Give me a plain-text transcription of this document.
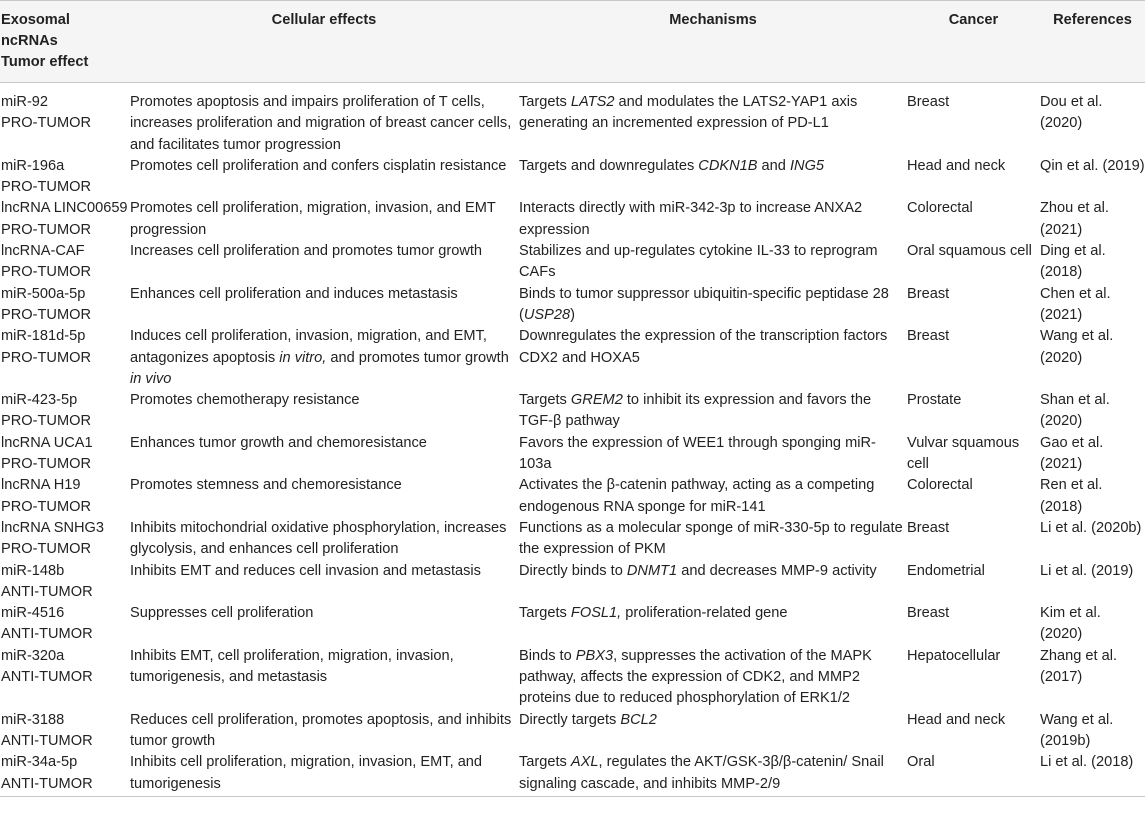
Exosomal
ncRNAs
Tumor effect	Cellular effects	Mechanisms	Cancer	References

miR-92
PRO-TUMOR	Promotes apoptosis and impairs proliferation of T cells, increases proliferation and migration of breast cancer cells, and facilitates tumor progression	Targets LATS2 and modulates the LATS2-YAP1 axis generating an incremented expression of PD-L1	Breast	Dou et al. (2020)

miR-196a
PRO-TUMOR	Promotes cell proliferation and confers cisplatin resistance	Targets and downregulates CDKN1B and ING5	Head and neck	Qin et al. (2019)

lncRNA LINC00659
PRO-TUMOR	Promotes cell proliferation, migration, invasion, and EMT progression	Interacts directly with miR-342-3p to increase ANXA2 expression	Colorectal	Zhou et al. (2021)

lncRNA-CAF
PRO-TUMOR	Increases cell proliferation and promotes tumor growth	Stabilizes and up-regulates cytokine IL-33 to reprogram CAFs	Oral squamous cell	Ding et al. (2018)

miR-500a-5p
PRO-TUMOR	Enhances cell proliferation and induces metastasis	Binds to tumor suppressor ubiquitin-specific peptidase 28 (USP28)	Breast	Chen et al. (2021)

miR-181d-5p
PRO-TUMOR	Induces cell proliferation, invasion, migration, and EMT, antagonizes apoptosis in vitro, and promotes tumor growth in vivo	Downregulates the expression of the transcription factors CDX2 and HOXA5	Breast	Wang et al. (2020)

miR-423-5p
PRO-TUMOR	Promotes chemotherapy resistance	Targets GREM2 to inhibit its expression and favors the TGF-β pathway	Prostate	Shan et al. (2020)

lncRNA UCA1
PRO-TUMOR	Enhances tumor growth and chemoresistance	Favors the expression of WEE1 through sponging miR-103a	Vulvar squamous cell	Gao et al. (2021)

lncRNA H19
PRO-TUMOR	Promotes stemness and chemoresistance	Activates the β-catenin pathway, acting as a competing endogenous RNA sponge for miR-141	Colorectal	Ren et al. (2018)

lncRNA SNHG3
PRO-TUMOR	Inhibits mitochondrial oxidative phosphorylation, increases glycolysis, and enhances cell proliferation	Functions as a molecular sponge of miR-330-5p to regulate the expression of PKM	Breast	Li et al. (2020b)

miR-148b
ANTI-TUMOR	Inhibits EMT and reduces cell invasion and metastasis	Directly binds to DNMT1 and decreases MMP-9 activity	Endometrial	Li et al. (2019)

miR-4516
ANTI-TUMOR	Suppresses cell proliferation	Targets FOSL1, proliferation-related gene	Breast	Kim et al. (2020)

miR-320a
ANTI-TUMOR	Inhibits EMT, cell proliferation, migration, invasion, tumorigenesis, and metastasis	Binds to PBX3, suppresses the activation of the MAPK pathway, affects the expression of CDK2, and MMP2 proteins due to reduced phosphorylation of ERK1/2	Hepatocellular	Zhang et al. (2017)

miR-3188
ANTI-TUMOR	Reduces cell proliferation, promotes apoptosis, and inhibits tumor growth	Directly targets BCL2	Head and neck	Wang et al. (2019b)

miR-34a-5p
ANTI-TUMOR	Inhibits cell proliferation, migration, invasion, EMT, and tumorigenesis	Targets AXL, regulates the AKT/GSK-3β/β-catenin/ Snail signaling cascade, and inhibits MMP-2/9	Oral	Li et al. (2018)
